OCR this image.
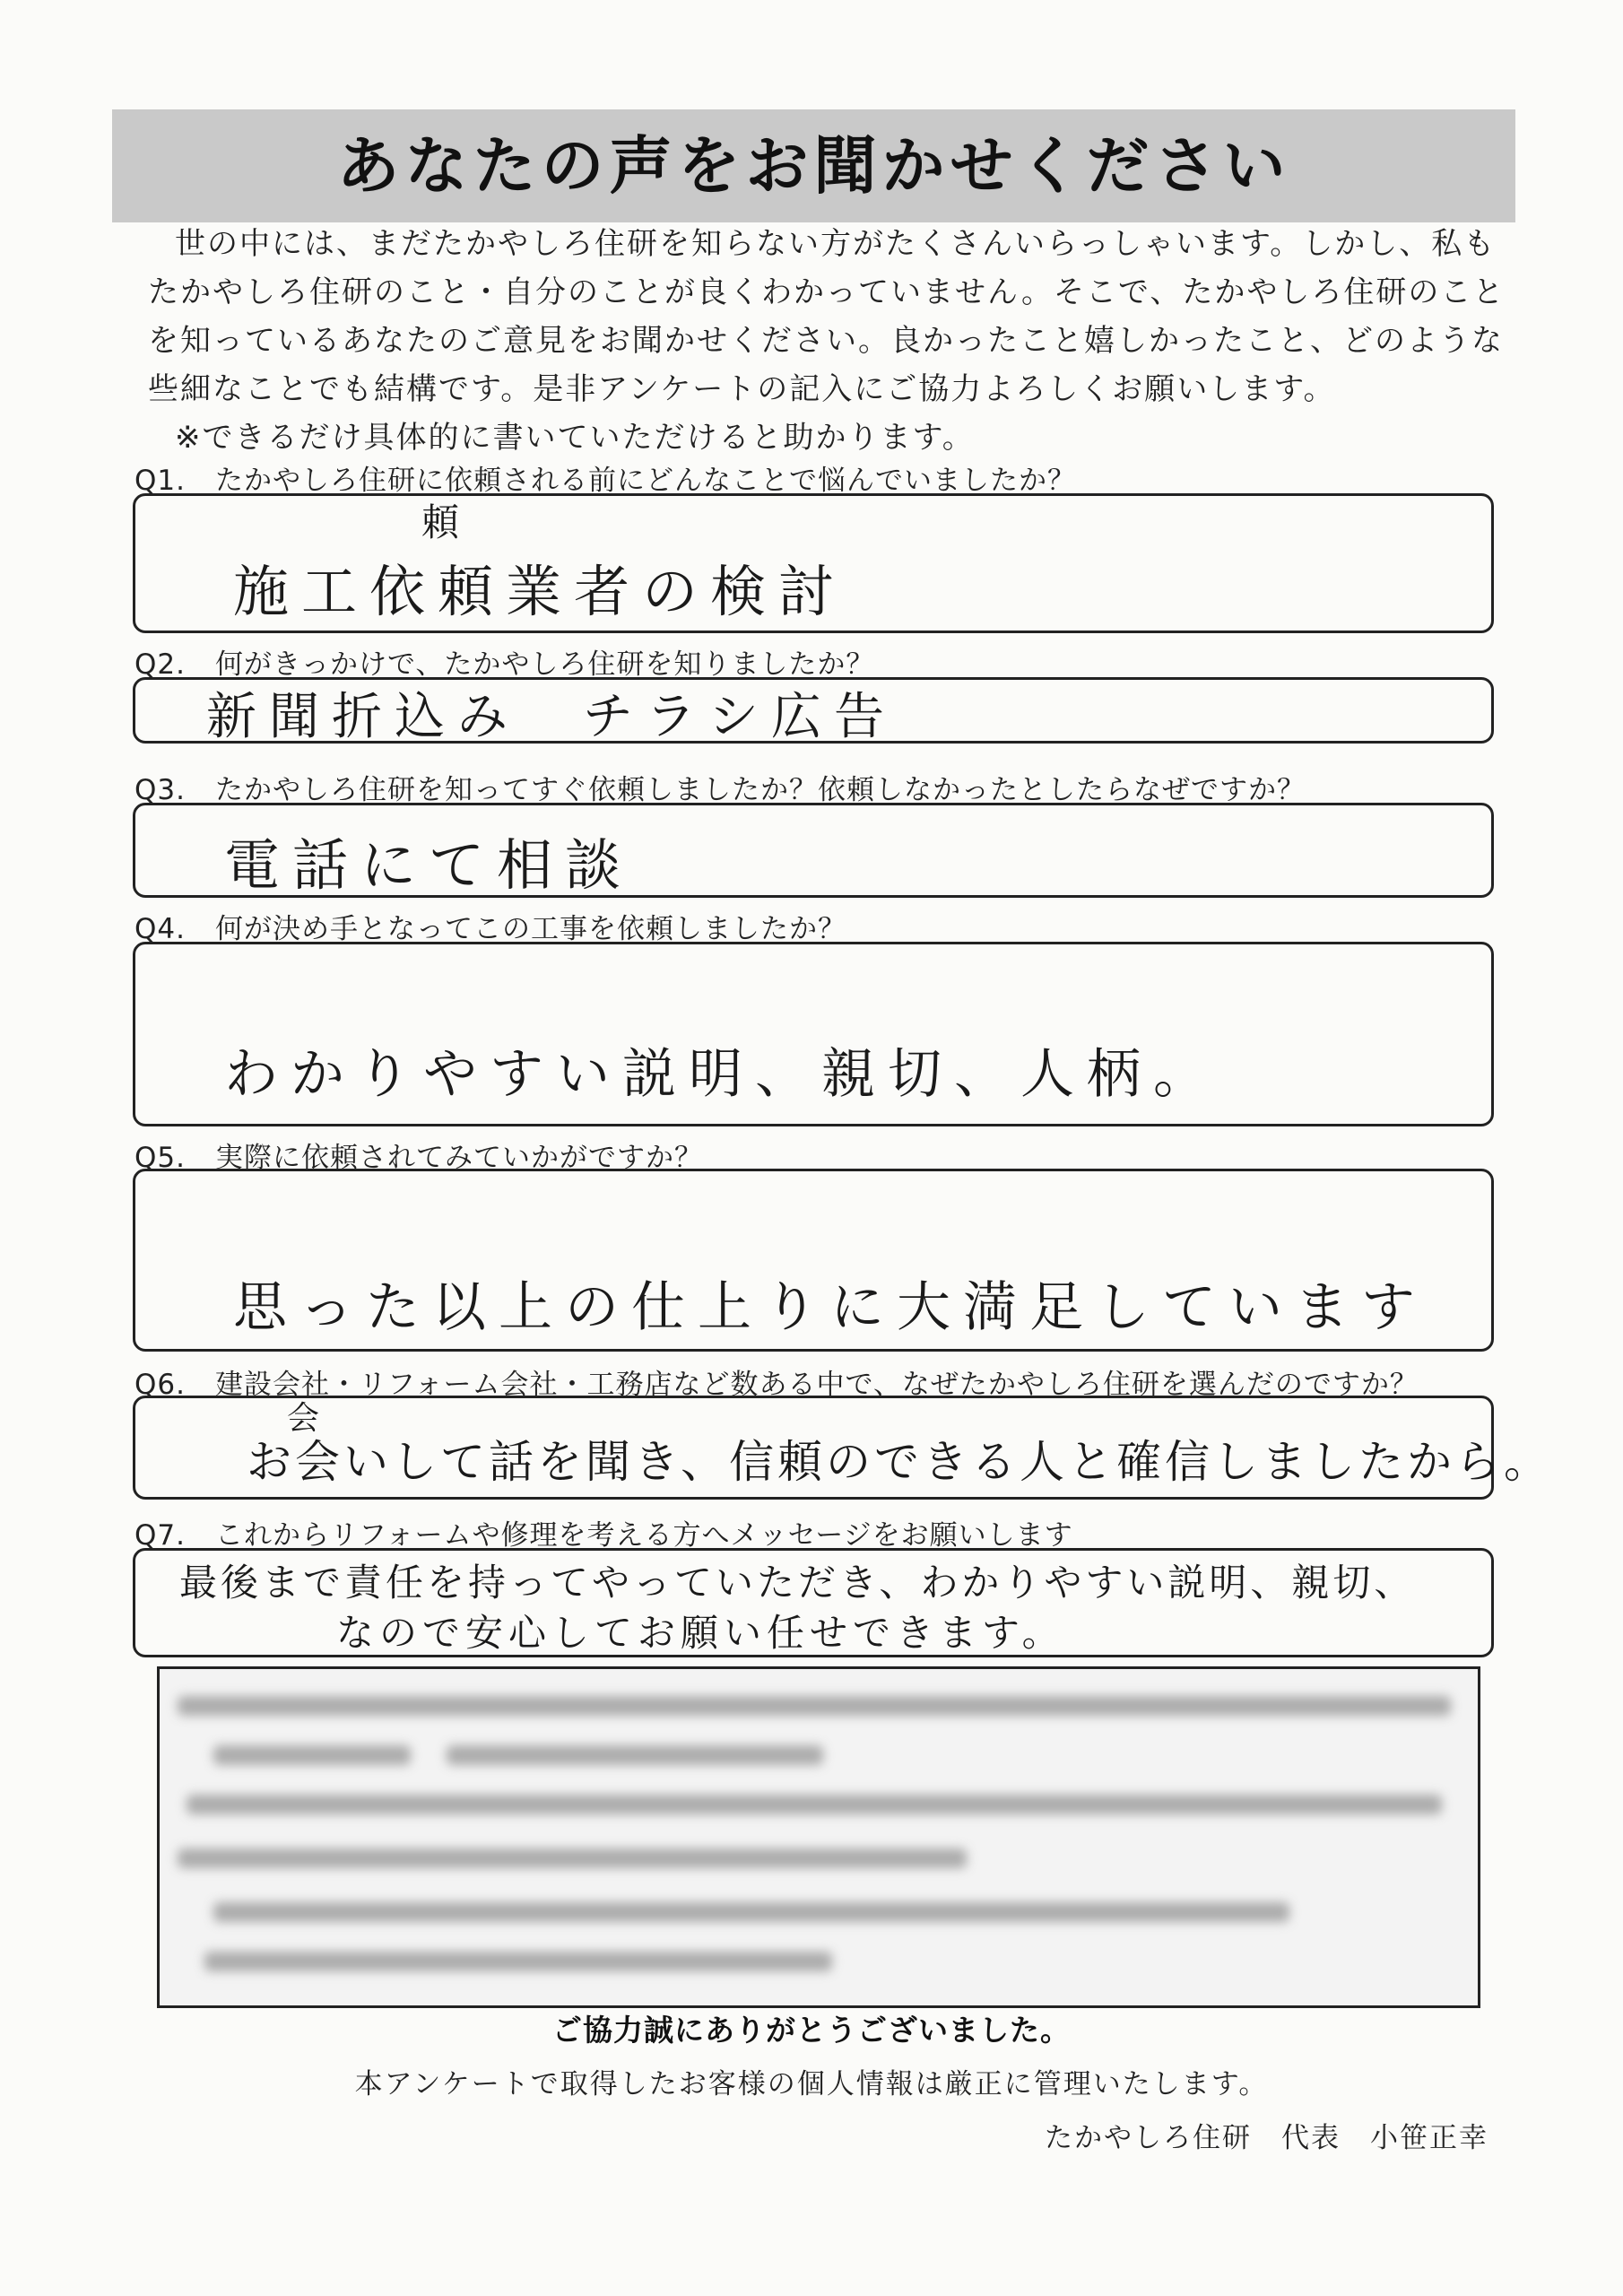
あなたの声をお聞かせください

世の中には、まだたかやしろ住研を知らない方がたくさんいらっしゃいます。しかし、私も

たかやしろ住研のこと・自分のことが良くわかっていません。そこで、たかやしろ住研のこと

を知っているあなたのご意見をお聞かせください。良かったこと嬉しかったこと、どのような

些細なことでも結構です。是非アンケートの記入にご協力よろしくお願いします。

※できるだけ具体的に書いていただけると助かります。

Q1. たかやしろ住研に依頼される前にどんなことで悩んでいましたか？
頼
施工依頼業者の検討
Q2. 何がきっかけで、たかやしろ住研を知りましたか？
新聞折込み　チラシ広告
Q3. たかやしろ住研を知ってすぐ依頼しましたか？依頼しなかったとしたらなぜですか？
電話にて相談
Q4. 何が決め手となってこの工事を依頼しましたか？
わかりやすい説明、親切、人柄。
Q5. 実際に依頼されてみていかがですか？
思った以上の仕上りに大満足しています
Q6. 建設会社・リフォーム会社・工務店など数ある中で、なぜたかやしろ住研を選んだのですか？
会
お会いして話を聞き、信頼のできる人と確信しましたから。
Q7. これからリフォームや修理を考える方へメッセージをお願いします
最後まで責任を持ってやっていただき、わかりやすい説明、親切、
なので安心してお願い任せできます。
ご協力誠にありがとうございました。
本アンケートで取得したお客様の個人情報は厳正に管理いたします。
たかやしろ住研　代表　小笹正幸
